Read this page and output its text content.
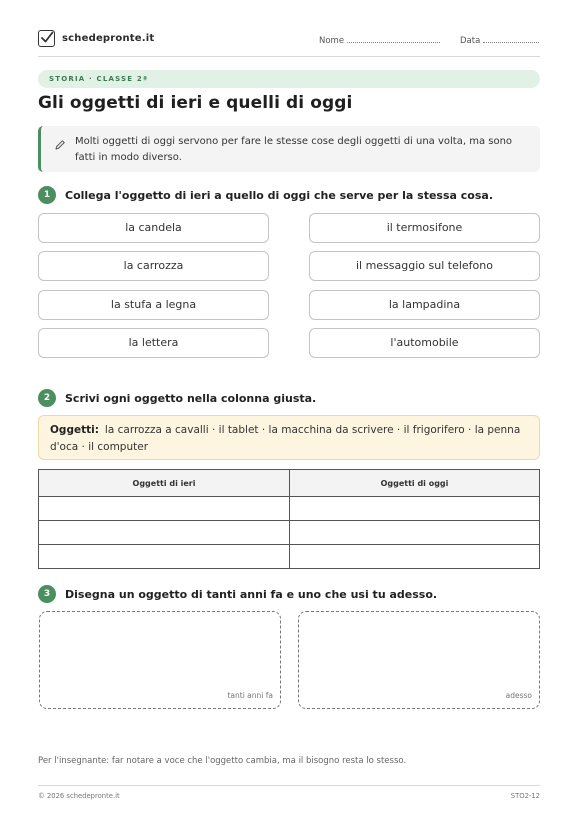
schedepronte.it	Nome	Data
STORIA · CLASSE 2ª
Gli oggetti di ieri e quelli di oggi
Molti oggetti di oggi servono per fare le stesse cose degli oggetti di una volta, ma sono fatti in modo diverso.
1	Collega l'oggetto di ieri a quello di oggi che serve per la stessa cosa.
la candela
la carrozza
la stufa a legna
la lettera
il termosifone
il messaggio sul telefono
la lampadina
l'automobile
2	Scrivi ogni oggetto nella colonna giusta.
Oggetti: la carrozza a cavalli · il tablet · la macchina da scrivere · il frigorifero · la penna d'oca · il computer
Oggetti di ieri	Oggetti di oggi

3	Disegna un oggetto di tanti anni fa e uno che usi tu adesso.
tanti anni fa	adesso
Per l'insegnante: far notare a voce che l'oggetto cambia, ma il bisogno resta lo stesso.
© 2026 schedepronte.it	STO2-12
